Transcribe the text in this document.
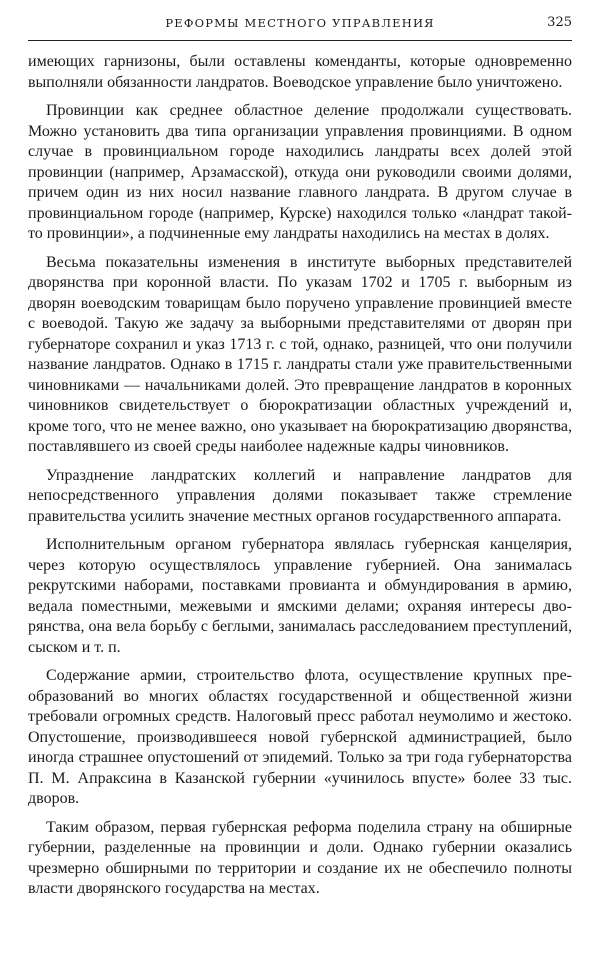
РЕФОРМЫ МЕСТНОГО УПРАВЛЕНИЯ	325

имеющих гарнизоны, были оставлены коменданты, которые одновременно выполняли обязанности ландратов. Воеводское управление было уничтожено.

Провинции как среднее областное деление продолжали существовать. Можно установить два типа организации управления провинциями. В одном случае в провинциальном городе находились ландраты всех долей этой провинции (например, Арзамасской), откуда они руководили своими долями, причем один из них носил название главного ландрата. В другом случае в провинциальном городе (например, Курске) находился только «ландрат такой-то провинции», а подчиненные ему ландраты находились на местах в долях.

Весьма показательны изменения в институте выборных представителей дворянства при коронной власти. По указам 1702 и 1705 г. выборным из дворян воеводским товарищам было поручено управление провинцией вместе с воеводой. Такую же задачу за выборными представителями от дворян при губернаторе сохранил и указ 1713 г. с той, однако, разницей, что они получили название ландратов. Однако в 1715 г. ландраты стали уже правительственными чиновниками — начальниками долей. Это превращение ландратов в коронных чиновников свидетельствует о бюрократизации областных учреждений и, кроме того, что не менее важно, оно указывает на бюрократизацию дворянства, поставлявшего из своей среды наиболее надежные кадры чиновников.

Упразднение ландратских коллегий и направление ландратов для непосредственного управления долями показывает также стремление правительства усилить значение местных органов государственного аппарата.

Исполнительным органом губернатора являлась губернская канцелярия, через которую осуществлялось управление губернией. Она занималась рекрутскими наборами, поставками провианта и обмундирования в армию, ведала поместными, межевыми и ямскими делами; охраняя интересы дворянства, она вела борьбу с беглыми, занималась расследованием преступлений, сыском и т. п.

Содержание армии, строительство флота, осуществление крупных преобразований во многих областях государственной и общественной жизни требовали огромных средств. Налоговый пресс работал неумолимо и жестоко. Опустошение, производившееся новой губернской администрацией, было иногда страшнее опустошений от эпидемий. Только за три года губернаторства П. М. Апраксина в Казанской губернии «учинилось впусте» более 33 тыс. дворов.

Таким образом, первая губернская реформа поделила страну на обширные губернии, разделенные на провинции и доли. Однако губернии оказались чрезмерно обширными по территории и создание их не обеспечило полноты власти дворянского государства на местах.
